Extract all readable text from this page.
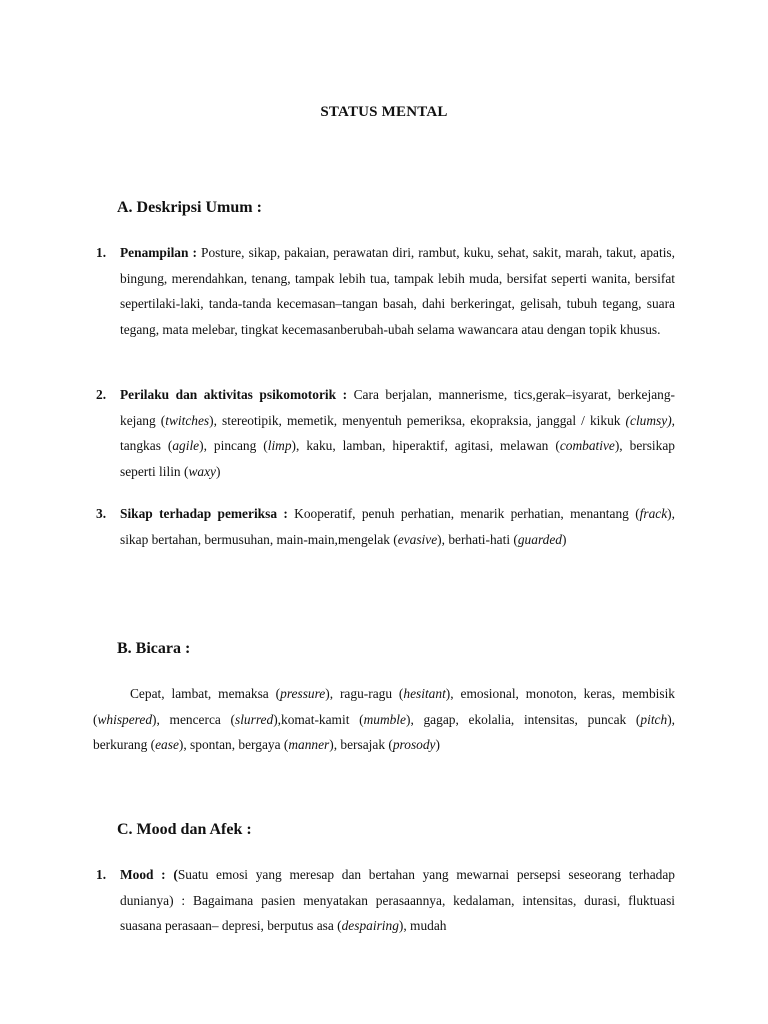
STATUS MENTAL
A. Deskripsi Umum :
1. Penampilan : Posture, sikap, pakaian, perawatan diri, rambut, kuku, sehat, sakit, marah, takut, apatis, bingung, merendahkan, tenang, tampak lebih tua, tampak lebih muda, bersifat seperti wanita, bersifat sepertilaki-laki, tanda-tanda kecemasan–tangan basah, dahi berkeringat, gelisah, tubuh tegang, suara tegang, mata melebar, tingkat kecemasanberubah-ubah selama wawancara atau dengan topik khusus.
2. Perilaku dan aktivitas psikomotorik : Cara berjalan, mannerisme, tics,gerak–isyarat, berkejang-kejang (twitches), stereotipik, memetik, menyentuh pemeriksa, ekopraksia, janggal / kikuk (clumsy), tangkas (agile), pincang (limp), kaku, lamban, hiperaktif, agitasi, melawan (combative), bersikap seperti lilin (waxy)
3. Sikap terhadap pemeriksa : Kooperatif, penuh perhatian, menarik perhatian, menantang (frack), sikap bertahan, bermusuhan, main-main,mengelak (evasive), berhati-hati (guarded)
B. Bicara :
Cepat, lambat, memaksa (pressure), ragu-ragu (hesitant), emosional, monoton, keras, membisik (whispered), mencerca (slurred),komat-kamit (mumble), gagap, ekolalia, intensitas, puncak (pitch), berkurang (ease), spontan, bergaya (manner), bersajak (prosody)
C. Mood dan Afek :
1. Mood : (Suatu emosi yang meresap dan bertahan yang mewarnai persepsi seseorang terhadap dunianya) : Bagaimana pasien menyatakan perasaannya, kedalaman, intensitas, durasi, fluktuasi suasana perasaan– depresi, berputus asa (despairing), mudah
